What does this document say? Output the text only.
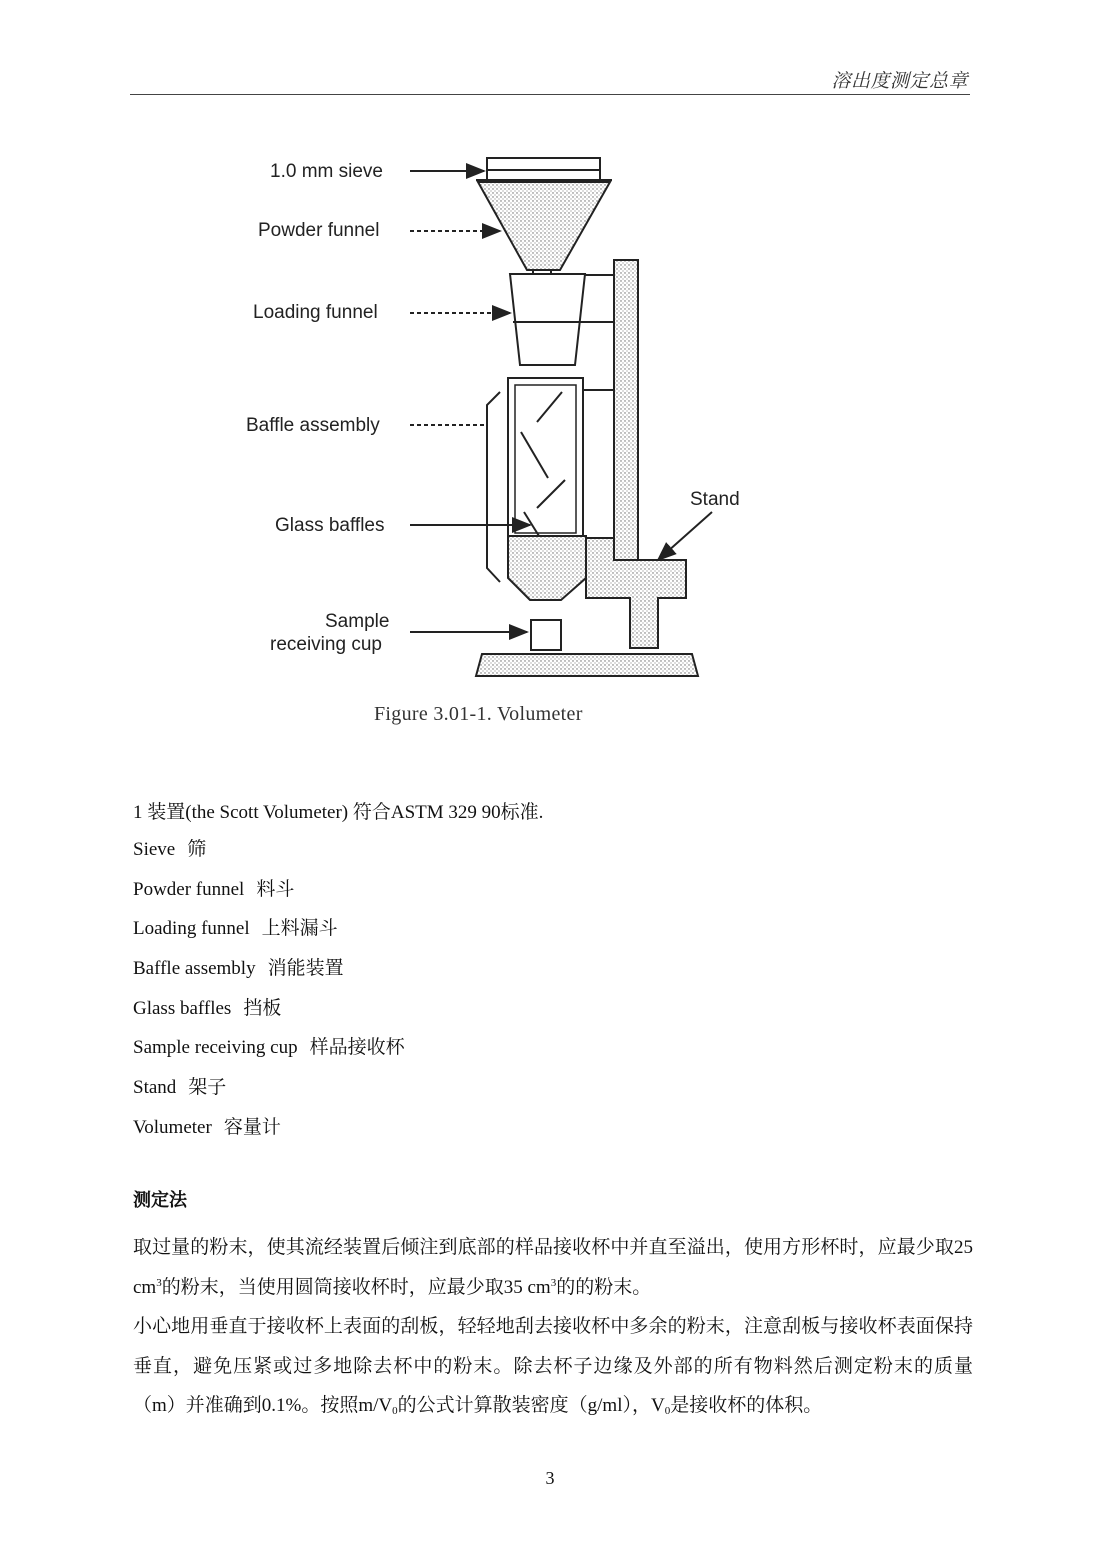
溶出度测定总章
1.0 mm sieve
Powder funnel
Loading funnel
Baffle assembly
Glass baffles
Sample
receiving cup
Stand
Figure 3.01-1. Volumeter
1 装置(the Scott Volumeter) 符合ASTM 329 90标准.
Sieve 筛
Powder funnel 料斗
Loading funnel 上料漏斗
Baffle assembly 消能装置
Glass baffles 挡板
Sample receiving cup 样品接收杯
Stand 架子
Volumeter 容量计
测定法

取过量的粉末，使其流经装置后倾注到底部的样品接收杯中并直至溢出，使用方形杯时，应最少取25 $cm^3$的粉末，当使用圆筒接收杯时，应最少取35 $cm^3$的的粉末。

小心地用垂直于接收杯上表面的刮板，轻轻地刮去接收杯中多余的粉末，注意刮板与接收杯表面保持垂直，避免压紧或过多地除去杯中的粉末。除去杯子边缘及外部的所有物料然后测定粉末的质量（m）并准确到0.1%。按照$m/V_0$的公式计算散装密度（g/ml），$V_0$是接收杯的体积。

3
